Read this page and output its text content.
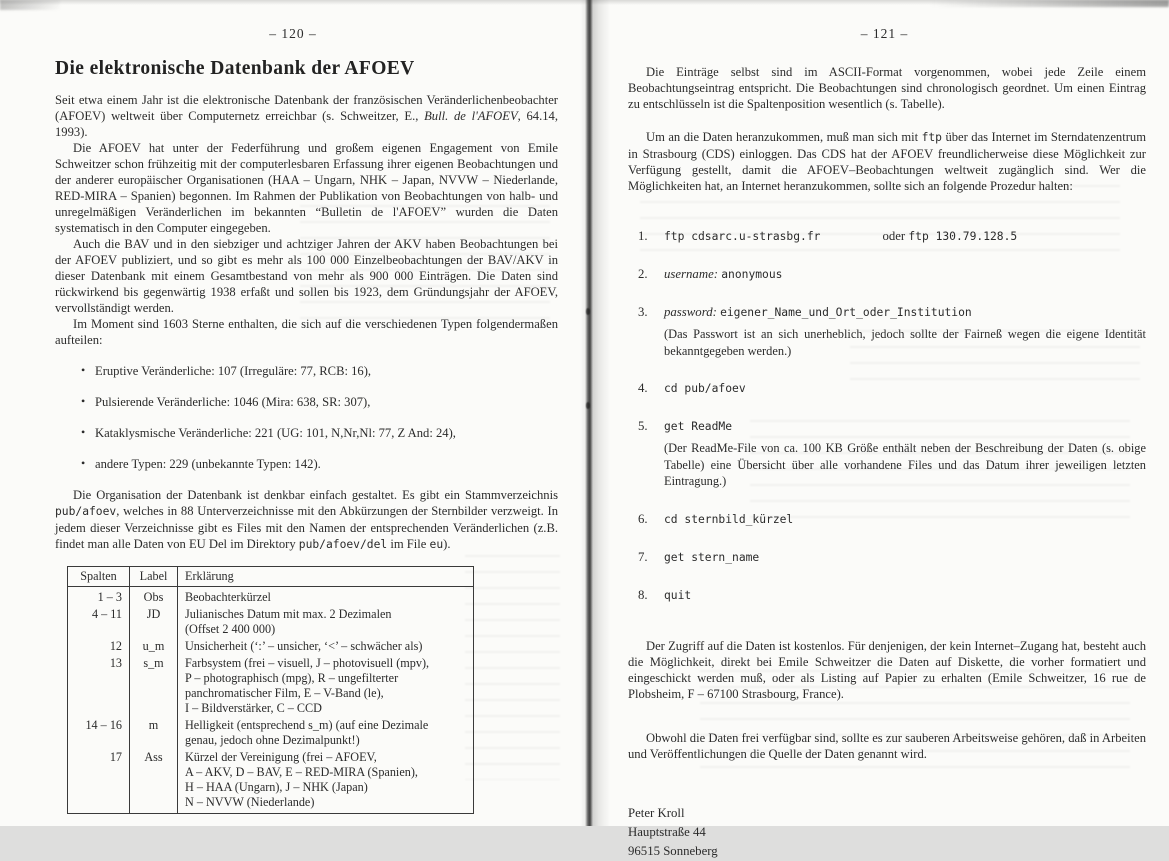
– 120 –
Die elektronische Datenbank der AFOEV
Seit etwa einem Jahr ist die elektronische Datenbank der französischen Veränderlichenbeobachter (AFOEV) weltweit über Computernetz erreichbar (s. Schweitzer, E., Bull. de l'AFOEV, 64.14, 1993).
Die AFOEV hat unter der Federführung und großem eigenen Engagement von Emile Schweitzer schon frühzeitig mit der computerlesbaren Erfassung ihrer eigenen Beobachtungen und der anderer europäischer Organisationen (HAA – Ungarn, NHK – Japan, NVVW – Niederlande, RED-MIRA – Spanien) begonnen. Im Rahmen der Publikation von Beobachtungen von halb- und unregelmäßigen Veränderlichen im bekannten “Bulletin de l'AFOEV” wurden die Daten systematisch in den Computer eingegeben.
Auch die BAV und in den siebziger und achtziger Jahren der AKV haben Beobachtungen bei der AFOEV publiziert, und so gibt es mehr als 100 000 Einzelbeobachtungen der BAV/AKV in dieser Datenbank mit einem Gesamtbestand von mehr als 900 000 Einträgen. Die Daten sind rückwirkend bis gegenwärtig 1938 erfaßt und sollen bis 1923, dem Gründungsjahr der AFOEV, vervollständigt werden.
Im Moment sind 1603 Sterne enthalten, die sich auf die verschiedenen Typen folgendermaßen aufteilen:
• Eruptive Veränderliche: 107 (Irreguläre: 77, RCB: 16),
• Pulsierende Veränderliche: 1046 (Mira: 638, SR: 307),
• Kataklysmische Veränderliche: 221 (UG: 101, N,Nr,Nl: 77, Z And: 24),
• andere Typen: 229 (unbekannte Typen: 142).
Die Organisation der Datenbank ist denkbar einfach gestaltet. Es gibt ein Stammverzeichnis pub/afoev, welches in 88 Unterverzeichnisse mit den Abkürzungen der Sternbilder verzweigt. In jedem dieser Verzeichnisse gibt es Files mit den Namen der entsprechenden Veränderlichen (z.B. findet man alle Daten von EU Del im Direktory pub/afoev/del im File eu).
Spalten	Label	Erklärung
1 – 3	Obs	Beobachterkürzel

4 – 11	JD	Julianisches Datum mit max. 2 Dezimalen
(Offset 2 400 000)

12	u_m	Unsicherheit (‘:’ – unsicher, ‘<’ – schwächer als)

13	s_m	Farbsystem (frei – visuell, J – photovisuell (mpv),
P – photographisch (mpg), R – ungefilterter
panchromatischer Film, E – V-Band (le),
I – Bildverstärker, C – CCD

14 – 16	m	Helligkeit (entsprechend s_m) (auf eine Dezimale
genau, jedoch ohne Dezimalpunkt!)

17	Ass	Kürzel der Vereinigung (frei – AFOEV,
A – AKV, D – BAV, E – RED-MIRA (Spanien),
H – HAA (Ungarn), J – NHK (Japan)
N – NVVW (Niederlande)
– 121 –
Die Einträge selbst sind im ASCII-Format vorgenommen, wobei jede Zeile einem Beobachtungseintrag entspricht. Die Beobachtungen sind chronologisch geordnet. Um einen Eintrag zu entschlüsseln ist die Spaltenposition wesentlich (s. Tabelle).
Um an die Daten heranzukommen, muß man sich mit ftp über das Internet im Sterndatenzentrum in Strasbourg (CDS) einloggen. Das CDS hat der AFOEV freundlicherweise diese Möglichkeit zur Verfügung gestellt, damit die AFOEV–Beobachtungen weltweit zugänglich sind. Wer die Möglichkeiten hat, an Internet heranzukommen, sollte sich an folgende Prozedur halten:
1. ftp cdsarc.u-strasbg.fr	oder ftp 130.79.128.5
2. username: anonymous
3. password: eigener_Name_und_Ort_oder_Institution
(Das Passwort ist an sich unerheblich, jedoch sollte der Fairneß wegen die eigene Identität bekanntgegeben werden.)
4. cd pub/afoev
5. get ReadMe
(Der ReadMe-File von ca. 100 KB Größe enthält neben der Beschreibung der Daten (s. obige Tabelle) eine Übersicht über alle vorhandene Files und das Datum ihrer jeweiligen letzten Eintragung.)
6. cd sternbild_kürzel
7. get stern_name
8. quit
Der Zugriff auf die Daten ist kostenlos. Für denjenigen, der kein Internet–Zugang hat, besteht auch die Möglichkeit, direkt bei Emile Schweitzer die Daten auf Diskette, die vorher formatiert und eingeschickt werden muß, oder als Listing auf Papier zu erhalten (Emile Schweitzer, 16 rue de Plobsheim, F – 67100 Strasbourg, France).
Obwohl die Daten frei verfügbar sind, sollte es zur sauberen Arbeitsweise gehören, daß in Arbeiten und Veröffentlichungen die Quelle der Daten genannt wird.
Peter Kroll
Hauptstraße 44
96515 Sonneberg
